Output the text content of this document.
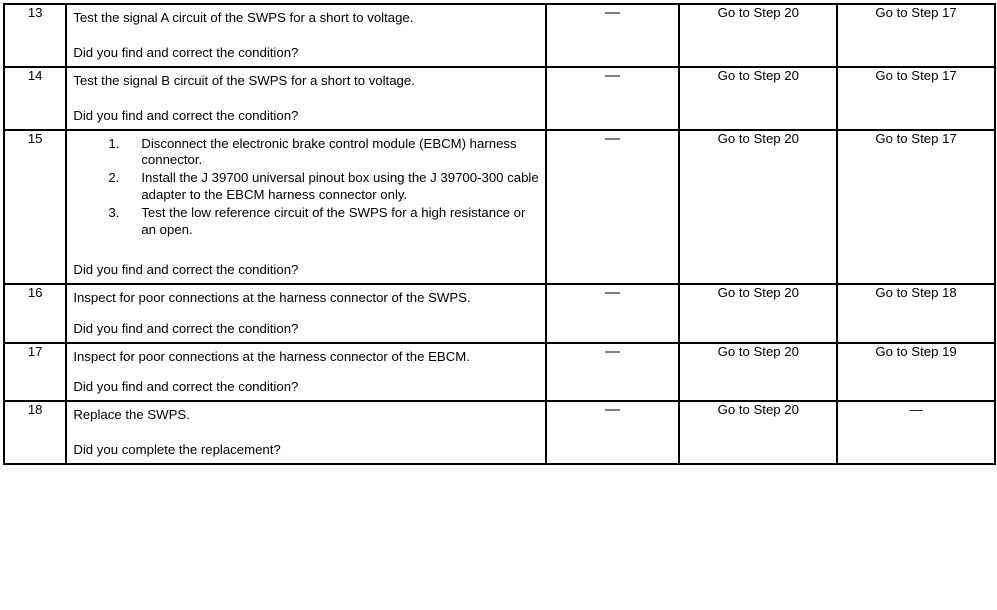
13	Test the signal A circuit of the SWPS for a short to voltage.

Did you find and correct the condition?	—	Go to Step 20	Go to Step 17

14	Test the signal B circuit of the SWPS for a short to voltage.

Did you find and correct the condition?	—	Go to Step 20	Go to Step 17

15	1. Disconnect the electronic brake control module (EBCM) harness connector.
2. Install the J 39700 universal pinout box using the J 39700-300 cable adapter to the EBCM harness connector only.
3. Test the low reference circuit of the SWPS for a high resistance or an open.

Did you find and correct the condition?

—	Go to Step 20	Go to Step 17

16	Inspect for poor connections at the harness connector of the SWPS.

Did you find and correct the condition?	—	Go to Step 20	Go to Step 18

17	Inspect for poor connections at the harness connector of the EBCM.

Did you find and correct the condition?	—	Go to Step 20	Go to Step 19

18	Replace the SWPS.

Did you complete the replacement?	—	Go to Step 20	—
